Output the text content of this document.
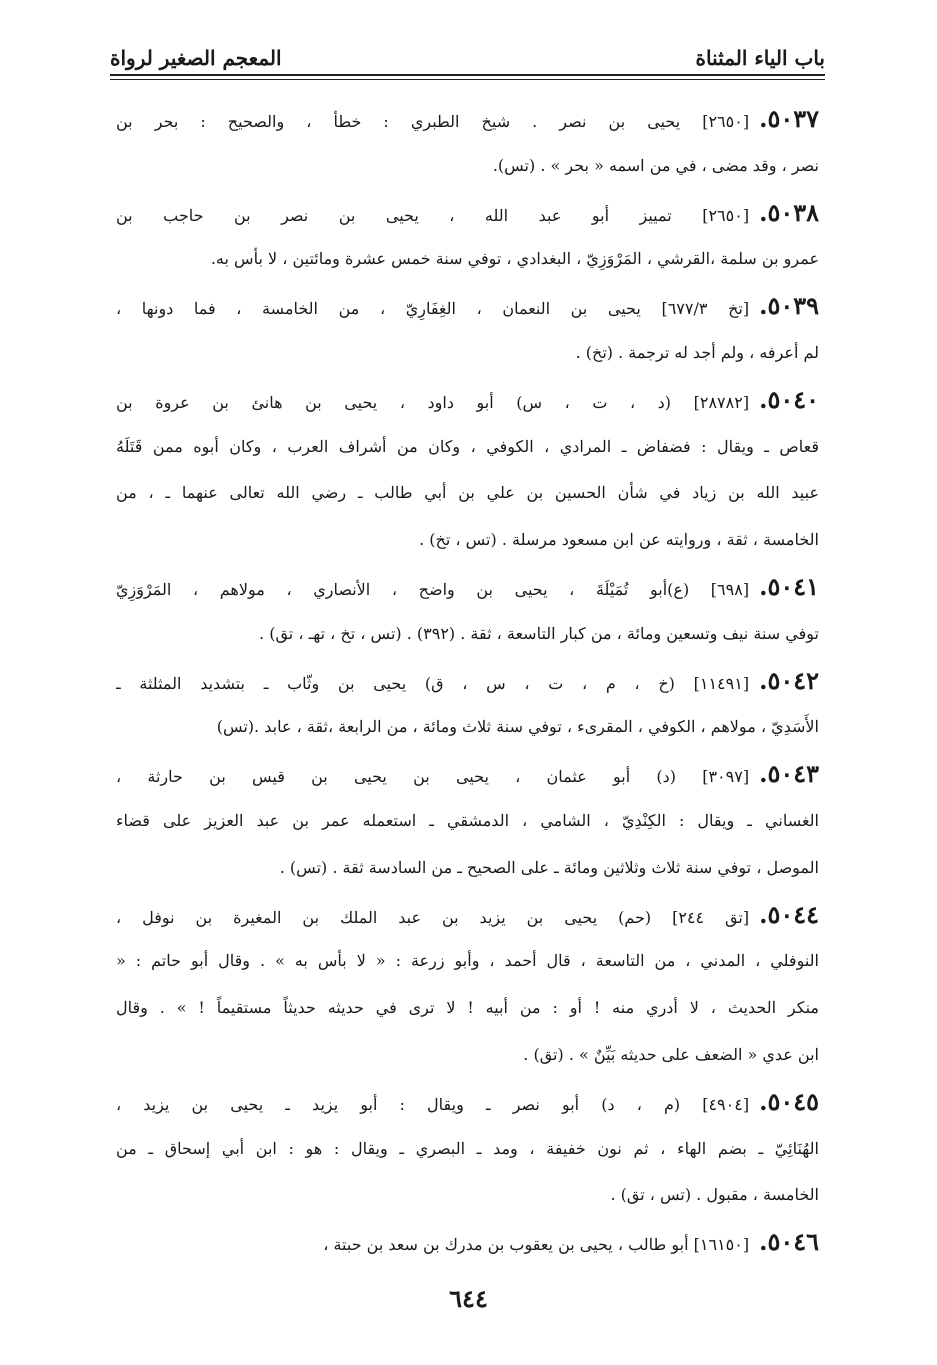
باب الياء المثناة
المعجم الصغير لرواة
٥٠٣٧.[٢٦٥٠] يحيى بن نصر . شيخ الطبري : خطأ ، والصحيح : بحر بن
نصر ، وقد مضى ، في من اسمه « بحر » . (تس).
٥٠٣٨.[٢٦٥٠] تمييز أبو عبد الله ، يحيى بن نصر بن حاجب بن
عمرو بن سلمة ،القرشي ، المَرْوَزِيّ ، البغدادي ، توفي سنة خمس عشرة ومائتين ، لا بأس به.
٥٠٣٩.[تخ ٦٧٧/٣] يحيى بن النعمان ، الغِفَارِيّ ، من الخامسة ، فما دونها ،
لم أعرفه ، ولم أجد له ترجمة . (تخ) .
٥٠٤٠.[٢٨٧٨٢] (د ، ت ، س) أبو داود ، يحيى بن هانئ بن عروة بن
قعاص ـ ويقال : فضفاض ـ المرادي ، الكوفي ، وكان من أشراف العرب ، وكان أبوه ممن قَتَلَهُ
عبيد الله بن زياد في شأن الحسين بن علي بن أبي طالب ـ رضي الله تعالى عنهما ـ ، من
الخامسة ، ثقة ، وروايته عن ابن مسعود مرسلة . (تس ، تخ) .
٥٠٤١.[٦٩٨] (ع)أبو تُمَيْلَةَ ، يحيى بن واضح ، الأنصاري ، مولاهم ، المَرْوَزِيّ
توفي سنة نيف وتسعين ومائة ، من كبار التاسعة ، ثقة . (٣٩٢) . (تس ، تخ ، تهـ ، تق) .
٥٠٤٢.[١١٤٩١] (خ ، م ، ت ، س ، ق) يحيى بن وثّاب ـ بتشديد المثلثة ـ
الأَسَدِيّ ، مولاهم ، الكوفي ، المقرىء ، توفي سنة ثلاث ومائة ، من الرابعة ،ثقة ، عابد .(تس)
٥٠٤٣.[٣٠٩٧] (د) أبو عثمان ، يحيى بن يحيى بن قيس بن حارثة ،
الغساني ـ ويقال : الكِنْدِيّ ، الشامي ، الدمشقي ـ استعمله عمر بن عبد العزيز على قضاء
الموصل ، توفي سنة ثلاث وثلاثين ومائة ـ على الصحيح ـ من السادسة ثقة . (تس) .
٥٠٤٤.[تق ٢٤٤] (حم) يحيى بن يزيد بن عبد الملك بن المغيرة بن نوفل ،
النوفلي ، المدني ، من التاسعة ، قال أحمد ، وأبو زرعة : « لا بأس به » . وقال أبو حاتم : «
منكر الحديث ، لا أدري منه ! أو : من أبيه ! لا ترى في حديثه حديثاً مستقيماً ! » . وقال
ابن عدي « الضعف على حديثه بَيِّنٌ » . (تق) .
٥٠٤٥.[٤٩٠٤] (م ، د) أبو نصر ـ ويقال : أبو يزيد ـ يحيى بن يزيد ،
الهُنَائِيّ ـ بضم الهاء ، ثم نون خفيفة ، ومد ـ البصري ـ ويقال : هو : ابن أبي إسحاق ـ من
الخامسة ، مقبول . (تس ، تق) .
٥٠٤٦.[١٦١٥٠] أبو طالب ، يحيى بن يعقوب بن مدرك بن سعد بن حبتة ،
٦٤٤
